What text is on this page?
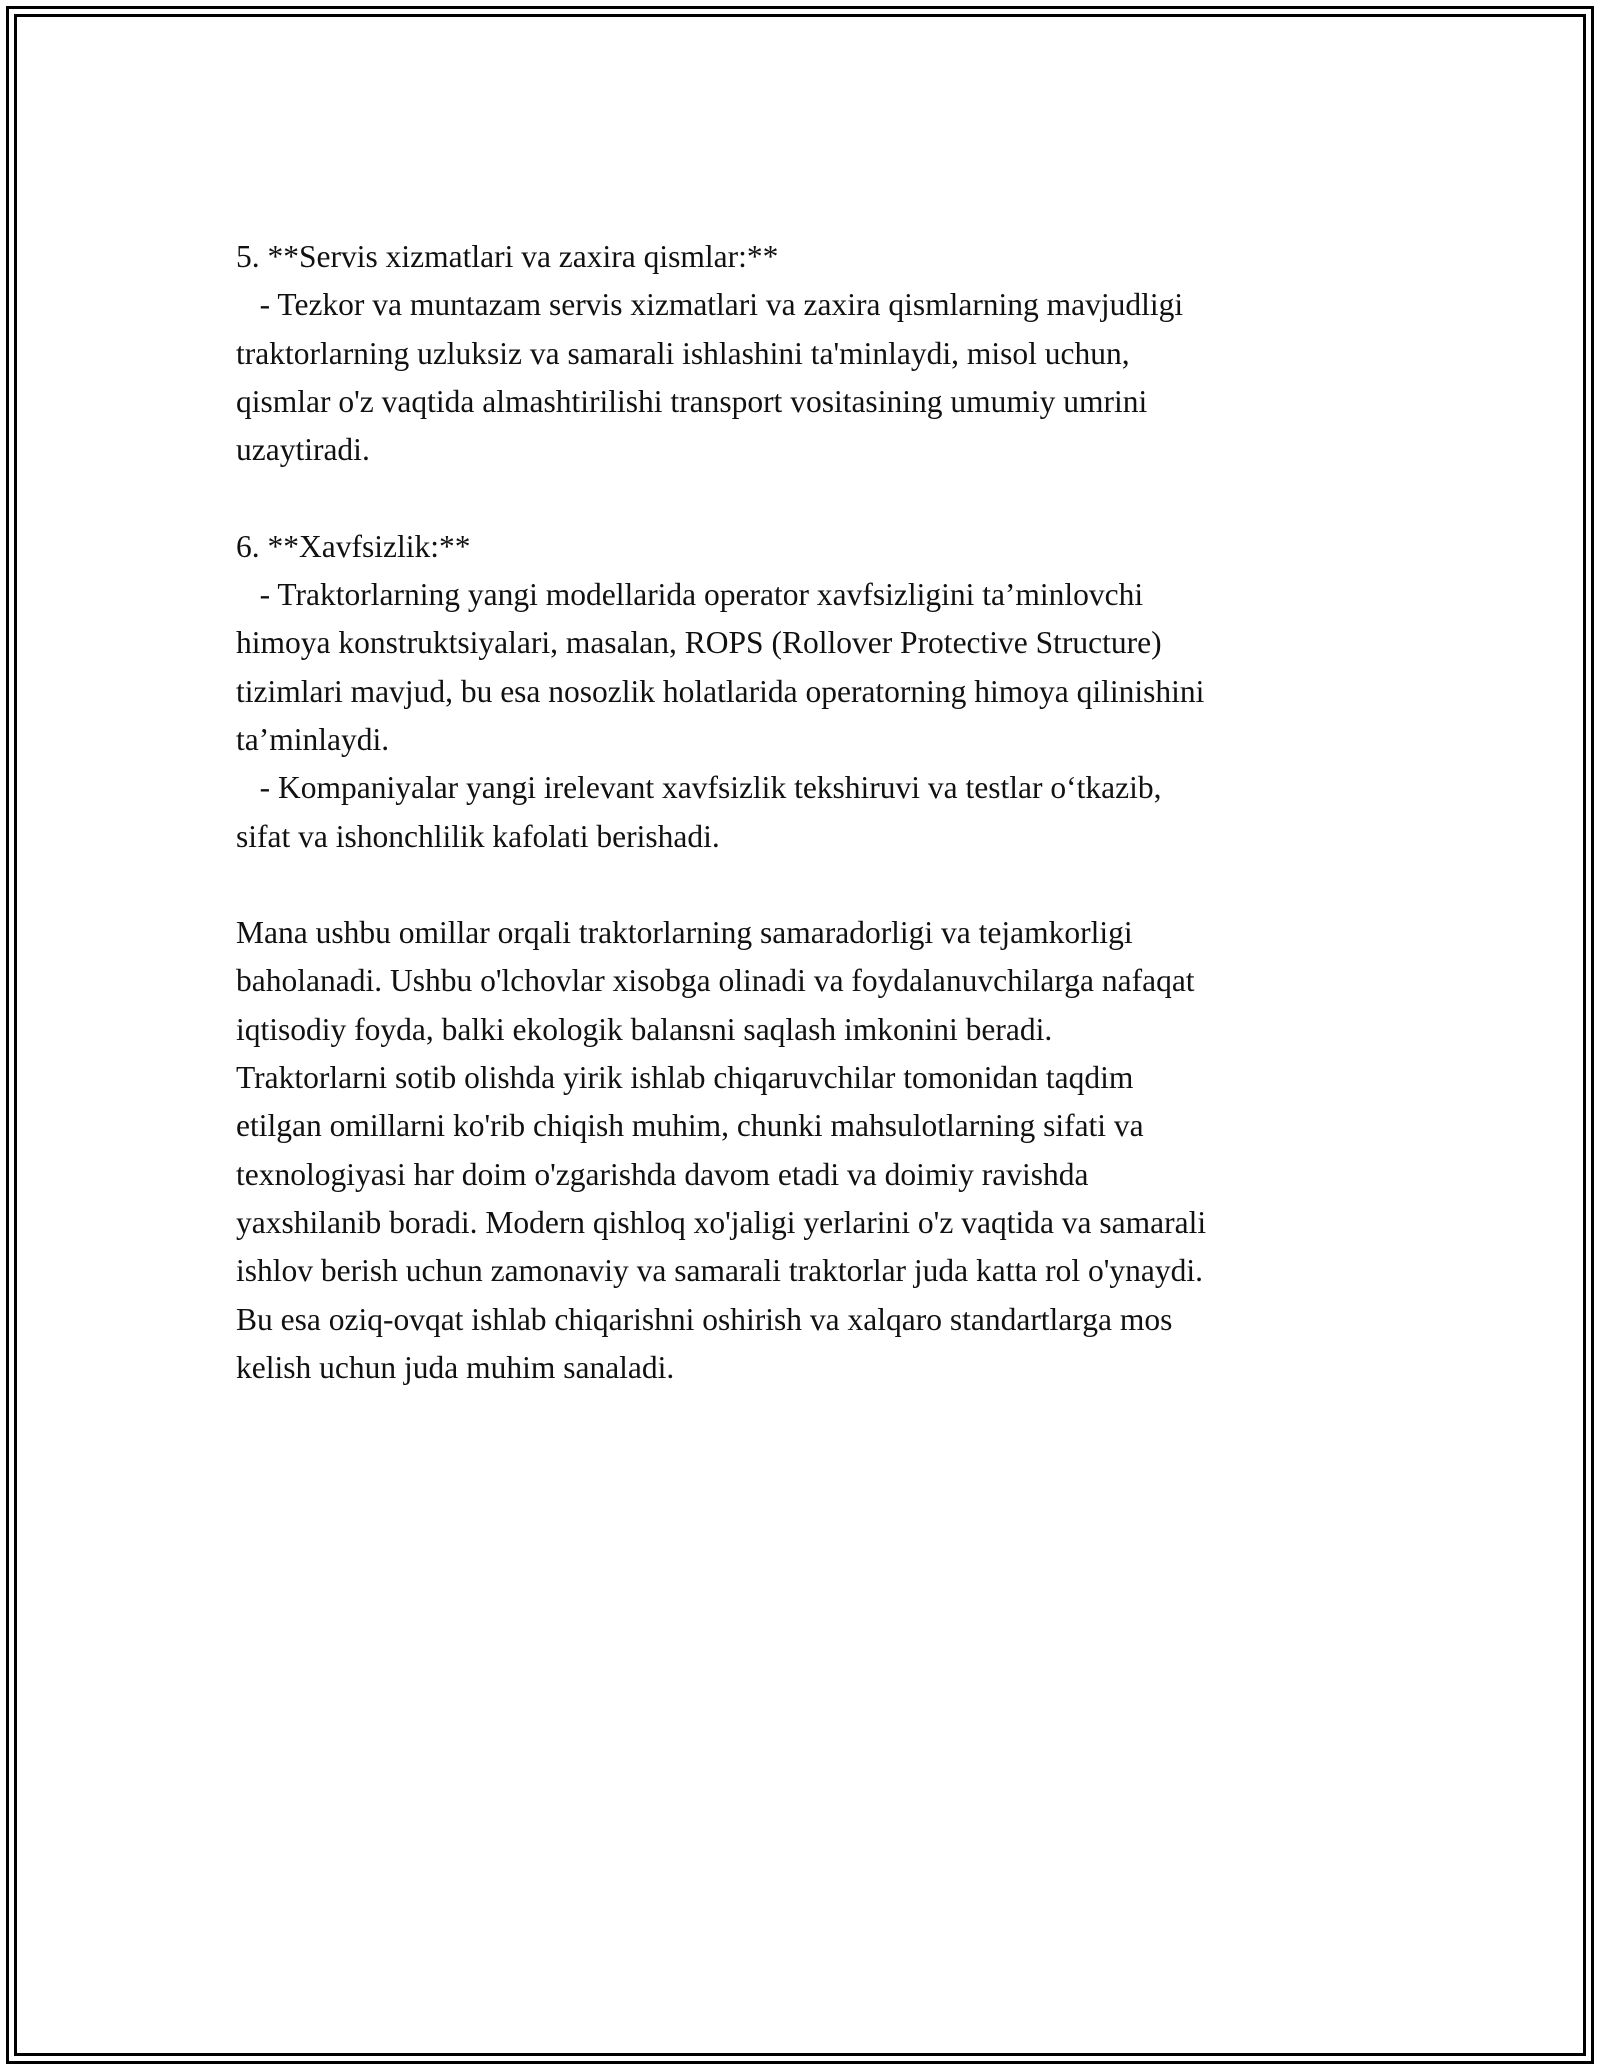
5. **Servis xizmatlari va zaxira qismlar:**
- Tezkor va muntazam servis xizmatlari va zaxira qismlarning mavjudligi
traktorlarning uzluksiz va samarali ishlashini ta'minlaydi, misol uchun,
qismlar o'z vaqtida almashtirilishi transport vositasining umumiy umrini
uzaytiradi.
6. **Xavfsizlik:**
- Traktorlarning yangi modellarida operator xavfsizligini ta’minlovchi
himoya konstruktsiyalari, masalan, ROPS (Rollover Protective Structure)
tizimlari mavjud, bu esa nosozlik holatlarida operatorning himoya qilinishini
ta’minlaydi.
- Kompaniyalar yangi irelevant xavfsizlik tekshiruvi va testlar o‘tkazib,
sifat va ishonchlilik kafolati berishadi.
Mana ushbu omillar orqali traktorlarning samaradorligi va tejamkorligi
baholanadi. Ushbu o'lchovlar xisobga olinadi va foydalanuvchilarga nafaqat
iqtisodiy foyda, balki ekologik balansni saqlash imkonini beradi.
Traktorlarni sotib olishda yirik ishlab chiqaruvchilar tomonidan taqdim
etilgan omillarni ko'rib chiqish muhim, chunki mahsulotlarning sifati va
texnologiyasi har doim o'zgarishda davom etadi va doimiy ravishda
yaxshilanib boradi. Modern qishloq xo'jaligi yerlarini o'z vaqtida va samarali
ishlov berish uchun zamonaviy va samarali traktorlar juda katta rol o'ynaydi.
Bu esa oziq-ovqat ishlab chiqarishni oshirish va xalqaro standartlarga mos
kelish uchun juda muhim sanaladi.
